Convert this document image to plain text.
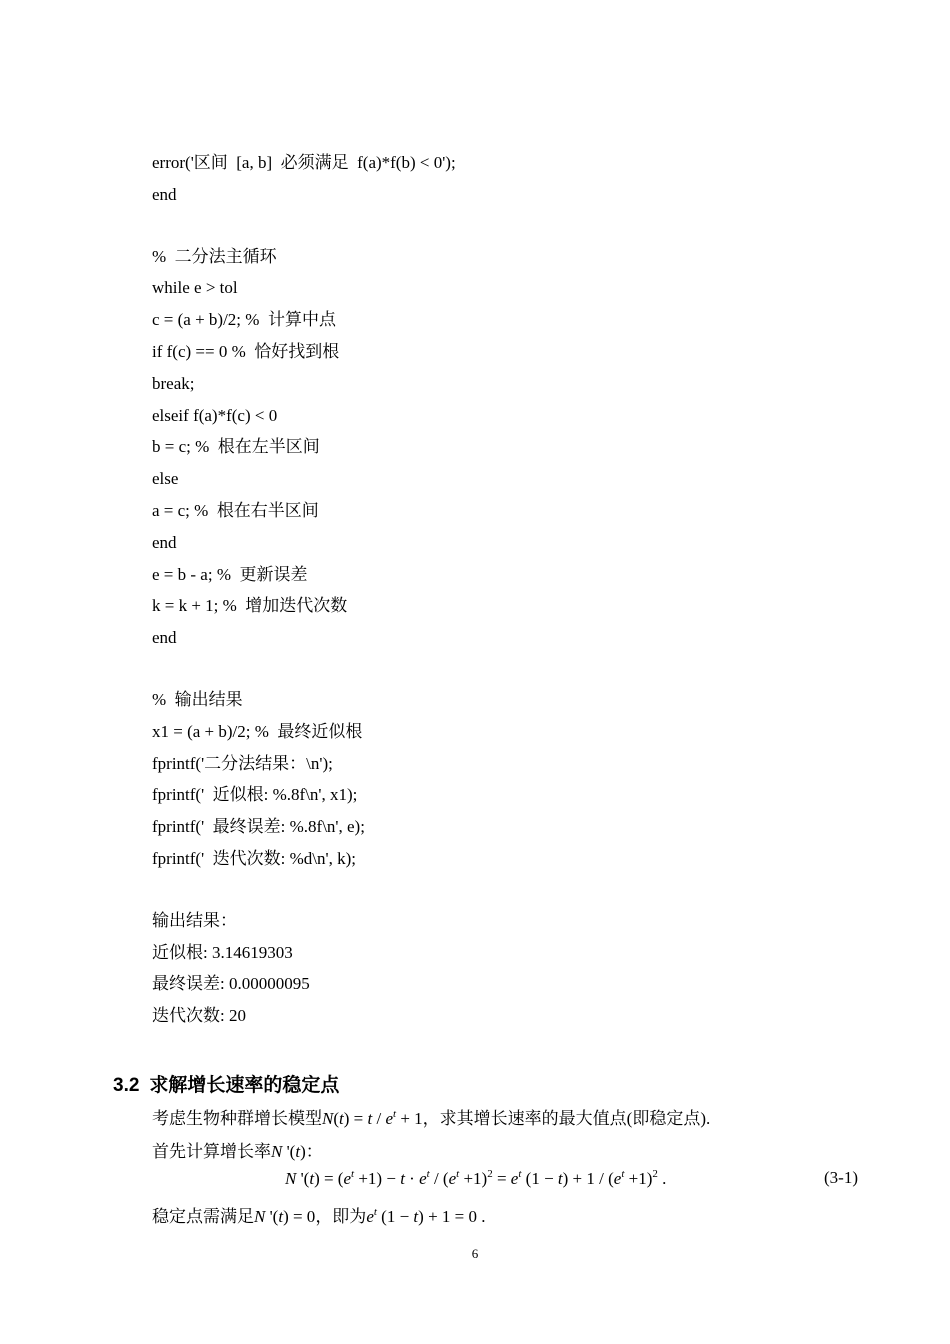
error('区间  [a, b]  必须满足  f(a)*f(b) < 0');
end
%  二分法主循环
while e > tol
c = (a + b)/2; %  计算中点
if f(c) == 0 %  恰好找到根
break;
elseif f(a)*f(c) < 0
b = c; %  根在左半区间
else
a = c; %  根在右半区间
end
e = b - a; %  更新误差
k = k + 1; %  增加迭代次数
end
%  输出结果
x1 = (a + b)/2; %  最终近似根
fprintf('二分法结果：\n');
fprintf('  近似根: %.8f\n', x1);
fprintf('  最终误差: %.8f\n', e);
fprintf('  迭代次数: %d\n', k);
输出结果：
近似根: 3.14619303
最终误差: 0.00000095
迭代次数: 20
3.2 求解增长速率的稳定点
考虑生物种群增长模型$N(t) = t / e^t + 1$，求其增长速率的最大值点(即稳定点).
首先计算增长率N '(t)：
N '$(t) = (e^t +1) - t \cdot e^t / (e^t +1)^2 = e^t$ $(1 - t) + 1 / (e^t +1)^2$ .	(3-1)
稳定点需满足N '(t) = 0，即为$e^t$ (1 − t) + 1 = 0 .
6
